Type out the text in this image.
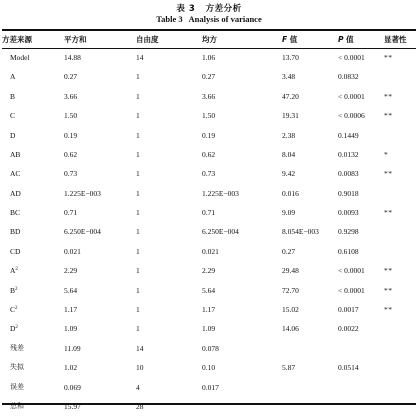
表 3   方差分析
Table 3   Analysis of variance
方差来源	平方和	自由度	均方	F 值	P 值	显著性
Model	14.88	14	1.06	13.70	< 0.0001	**
A	0.27	1	0.27	3.48	0.0832	
B	3.66	1	3.66	47.20	< 0.0001	**
C	1.50	1	1.50	19.31	< 0.0006	**
D	0.19	1	0.19	2.38	0.1449	
AB	0.62	1	0.62	8.04	0.0132	*
AC	0.73	1	0.73	9.42	0.0083	**
AD	1.225E−003	1	1.225E−003	0.016	0.9018	
BC	0.71	1	0.71	9.09	0.0093	**
BD	6.250E−004	1	6.250E−004	8.054E−003	0.9298	
CD	0.021	1	0.021	0.27	0.6108	
$A^2$	2.29	1	2.29	29.48	< 0.0001	**
$B^2$	5.64	1	5.64	72.70	< 0.0001	**
$C^2$	1.17	1	1.17	15.02	0.0017	**
$D^2$	1.09	1	1.09	14.06	0.0022	
残差	11.09	14	0.078			
失拟	1.02	10	0.10	5.87	0.0514	
误差	0.069	4	0.017			
总和	15.97	28				
